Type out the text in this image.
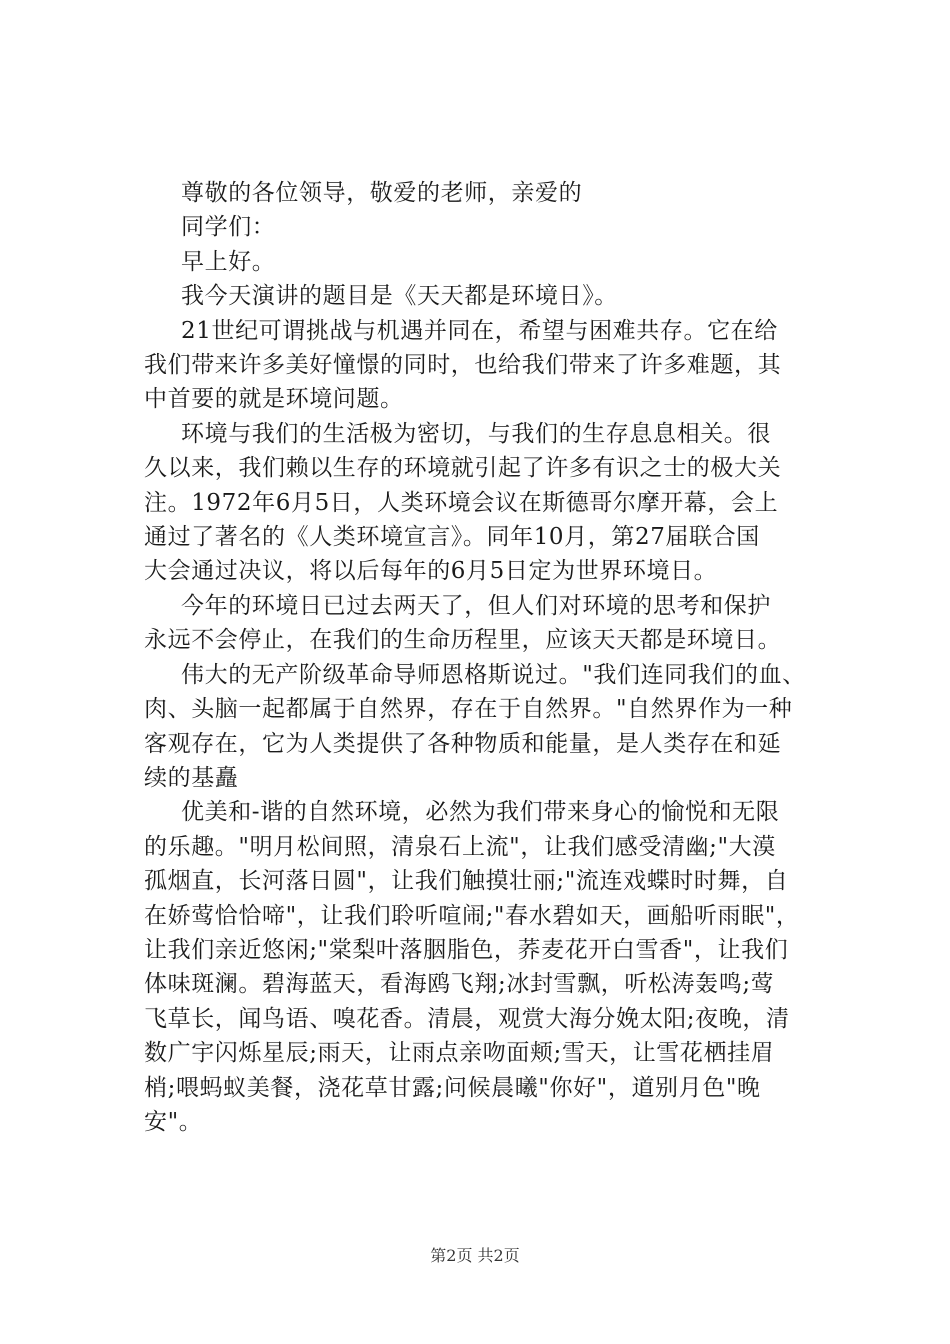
尊敬的各位领导，敬爱的老师，亲爱的
同学们：
早上好。
我今天演讲的题目是《天天都是环境日》。
21世纪可谓挑战与机遇并同在，希望与困难共存。它在给
我们带来许多美好憧憬的同时，也给我们带来了许多难题，其
中首要的就是环境问题。
环境与我们的生活极为密切，与我们的生存息息相关。很
久以来，我们赖以生存的环境就引起了许多有识之士的极大关
注。1972年6月5日，人类环境会议在斯德哥尔摩开幕，会上
通过了著名的《人类环境宣言》。同年10月，第27届联合国
大会通过决议，将以后每年的6月5日定为世界环境日。
今年的环境日已过去两天了，但人们对环境的思考和保护
永远不会停止，在我们的生命历程里，应该天天都是环境日。
伟大的无产阶级革命导师恩格斯说过。"我们连同我们的血、
肉、头脑一起都属于自然界，存在于自然界。"自然界作为一种
客观存在，它为人类提供了各种物质和能量，是人类存在和延
续的基矗
优美和-谐的自然环境，必然为我们带来身心的愉悦和无限
的乐趣。"明月松间照，清泉石上流"，让我们感受清幽;"大漠
孤烟直，长河落日圆"，让我们触摸壮丽;"流连戏蝶时时舞，自
在娇莺恰恰啼"，让我们聆听喧闹;"春水碧如天，画船听雨眠"，
让我们亲近悠闲;"棠梨叶落胭脂色，荞麦花开白雪香"，让我们
体味斑澜。碧海蓝天，看海鸥飞翔;冰封雪飘，听松涛轰鸣;莺
飞草长，闻鸟语、嗅花香。清晨，观赏大海分娩太阳;夜晚，清
数广宇闪烁星辰;雨天，让雨点亲吻面颊;雪天，让雪花栖挂眉
梢;喂蚂蚁美餐，浇花草甘露;问候晨曦"你好"，道别月色"晚
安"。
第2页 共2页
